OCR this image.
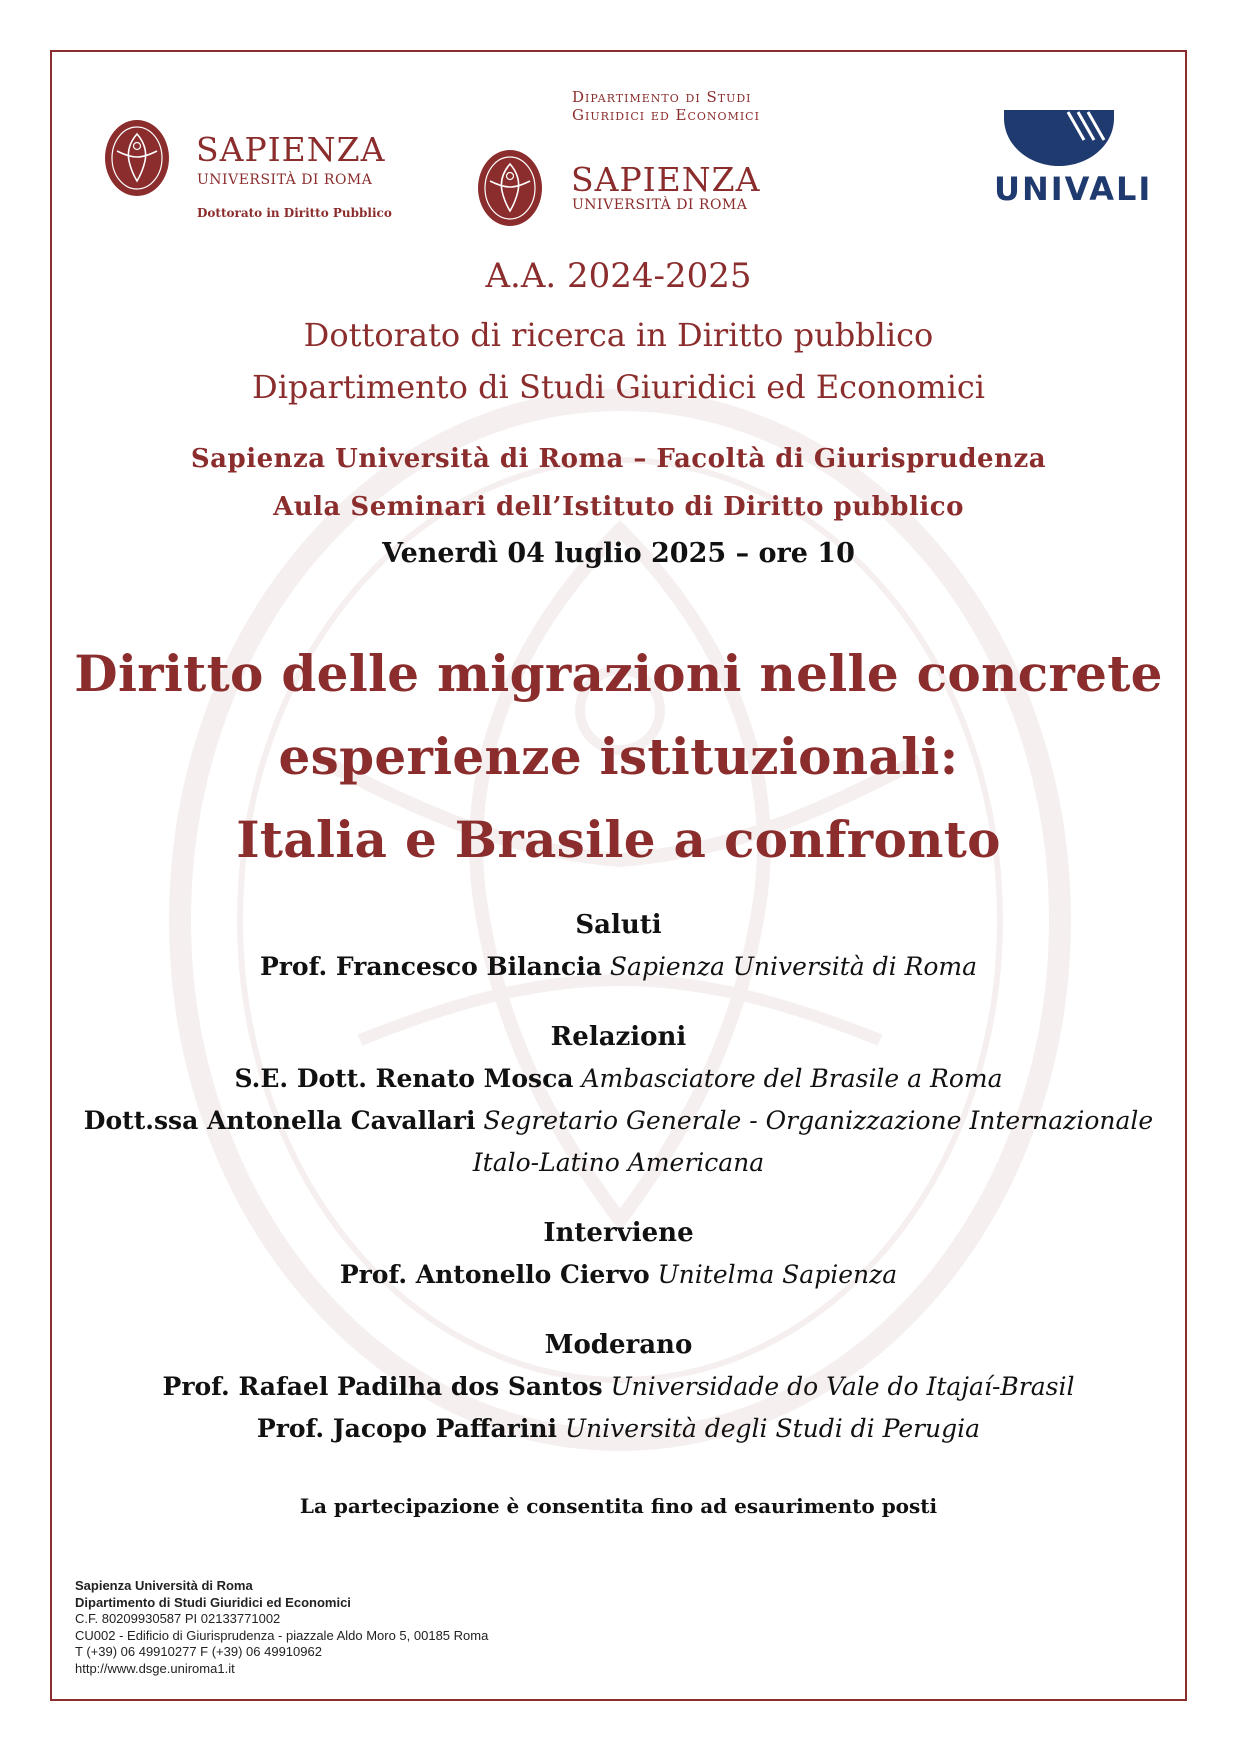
SAPIENZA
UNIVERSITÀ DI ROMA
Dottorato in Diritto Pubblico
Dipartimento di Studi
Giuridici ed Economici
SAPIENZA
UNIVERSITÀ DI ROMA	UNIVALI
A.A. 2024-2025
Dottorato di ricerca in Diritto pubblico
Dipartimento di Studi Giuridici ed Economici
Sapienza Università di Roma – Facoltà di Giurisprudenza
Aula Seminari dell’Istituto di Diritto pubblico
Venerdì 04 luglio 2025 – ore 10
Diritto delle migrazioni nelle concrete
esperienze istituzionali:
Italia e Brasile a confronto
Saluti
Prof. Francesco Bilancia Sapienza Università di Roma
Relazioni
S.E. Dott. Renato Mosca Ambasciatore del Brasile a Roma
Dott.ssa Antonella Cavallari Segretario Generale - Organizzazione Internazionale
Italo-Latino Americana
Interviene
Prof. Antonello Ciervo Unitelma Sapienza
Moderano
Prof. Rafael Padilha dos Santos Universidade do Vale do Itajaí-Brasil
Prof. Jacopo Paffarini Università degli Studi di Perugia
La partecipazione è consentita fino ad esaurimento posti
Sapienza Università di Roma
Dipartimento di Studi Giuridici ed Economici
C.F. 80209930587 PI 02133771002
CU002 - Edificio di Giurisprudenza - piazzale Aldo Moro 5, 00185 Roma
T (+39) 06 49910277 F (+39) 06 49910962
http://www.dsge.uniroma1.it
